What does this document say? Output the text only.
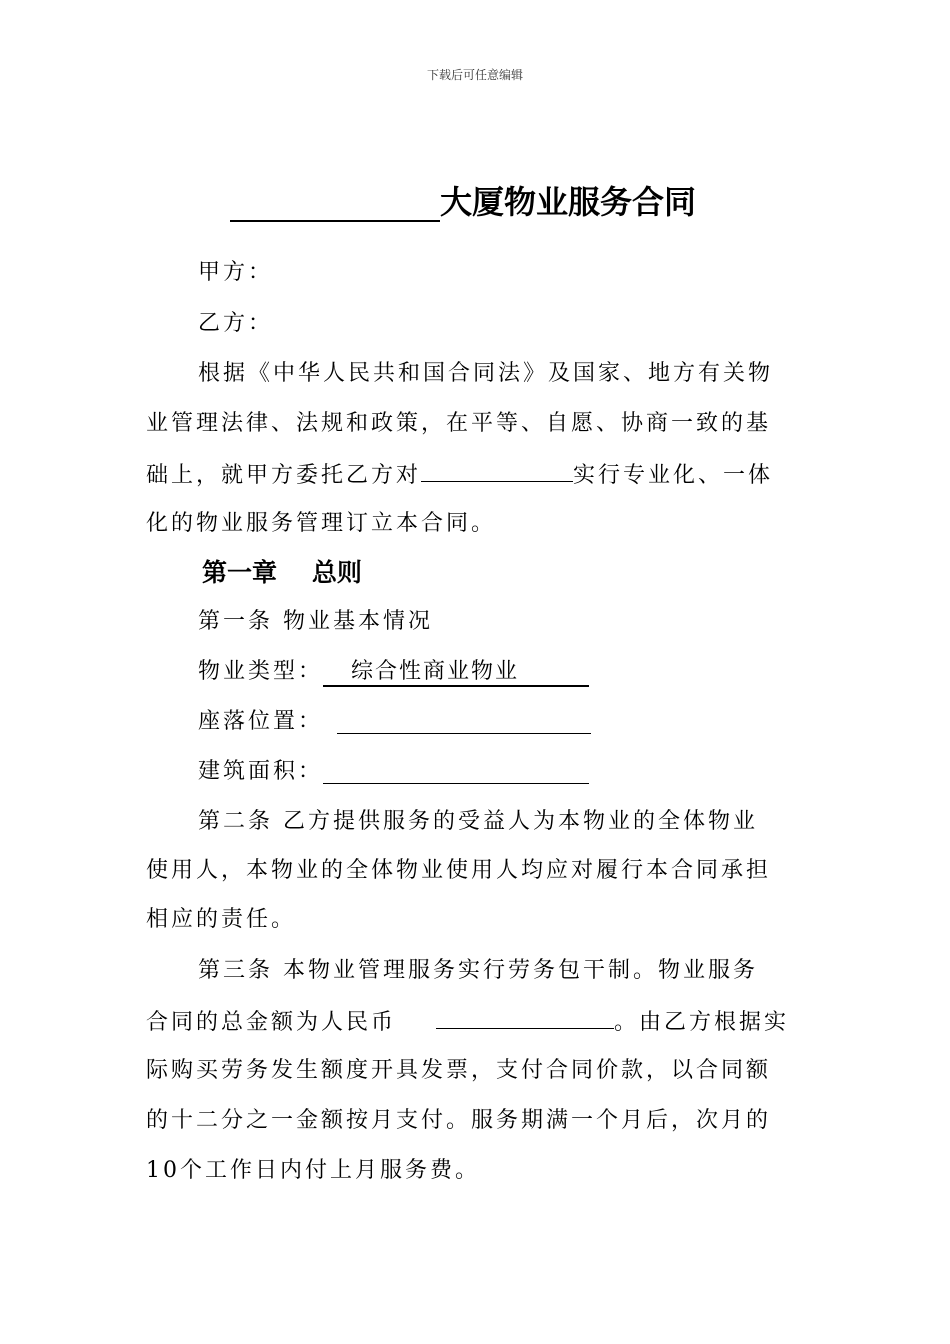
下载后可任意编辑
大厦物业服务合同
甲方：
乙方：
根据《中华人民共和国合同法》及国家、地方有关物
业管理法律、法规和政策，在平等、自愿、协商一致的基
础上，就甲方委托乙方对	实行专业化、一体
化的物业服务管理订立本合同。
第一章    总则
第一条 物业基本情况
物业类型： 综合性商业物业
座落位置：
建筑面积：
第二条 乙方提供服务的受益人为本物业的全体物业
使用人，本物业的全体物业使用人均应对履行本合同承担
相应的责任。
第三条 本物业管理服务实行劳务包干制。物业服务
合同的总金额为人民币	。由乙方根据实
际购买劳务发生额度开具发票，支付合同价款，以合同额
的十二分之一金额按月支付。服务期满一个月后，次月的
10个工作日内付上月服务费。
